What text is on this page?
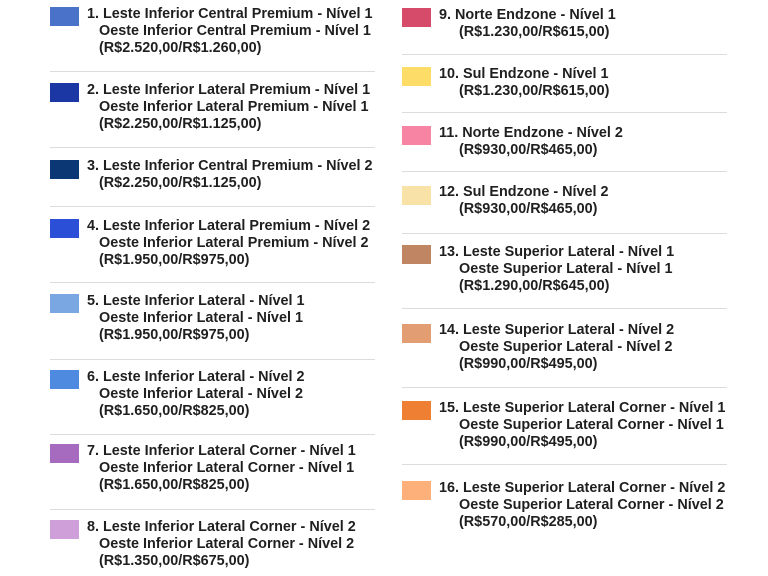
1. Leste Inferior Central Premium - Nível 1
Oeste Inferior Central Premium - Nível 1
(R$2.520,00/R$1.260,00)
2. Leste Inferior Lateral Premium - Nível 1
Oeste Inferior Lateral Premium - Nível 1
(R$2.250,00/R$1.125,00)
3. Leste Inferior Central Premium - Nível 2
(R$2.250,00/R$1.125,00)
4. Leste Inferior Lateral Premium - Nível 2
Oeste Inferior Lateral Premium - Nível 2
(R$1.950,00/R$975,00)
5. Leste Inferior Lateral - Nível 1
Oeste Inferior Lateral - Nível 1
(R$1.950,00/R$975,00)
6. Leste Inferior Lateral - Nível 2
Oeste Inferior Lateral - Nível 2
(R$1.650,00/R$825,00)
7. Leste Inferior Lateral Corner - Nível 1
Oeste Inferior Lateral Corner - Nível 1
(R$1.650,00/R$825,00)
8. Leste Inferior Lateral Corner - Nível 2
Oeste Inferior Lateral Corner - Nível 2
(R$1.350,00/R$675,00)
9. Norte Endzone - Nível 1
(R$1.230,00/R$615,00)
10. Sul Endzone - Nível 1
(R$1.230,00/R$615,00)
11. Norte Endzone - Nível 2
(R$930,00/R$465,00)
12. Sul Endzone - Nível 2
(R$930,00/R$465,00)
13. Leste Superior Lateral - Nível 1
Oeste Superior Lateral - Nível 1
(R$1.290,00/R$645,00)
14. Leste Superior Lateral - Nível 2
Oeste Superior Lateral - Nível 2
(R$990,00/R$495,00)
15. Leste Superior Lateral Corner - Nível 1
Oeste Superior Lateral Corner - Nível 1
(R$990,00/R$495,00)
16. Leste Superior Lateral Corner - Nível 2
Oeste Superior Lateral Corner - Nível 2
(R$570,00/R$285,00)
